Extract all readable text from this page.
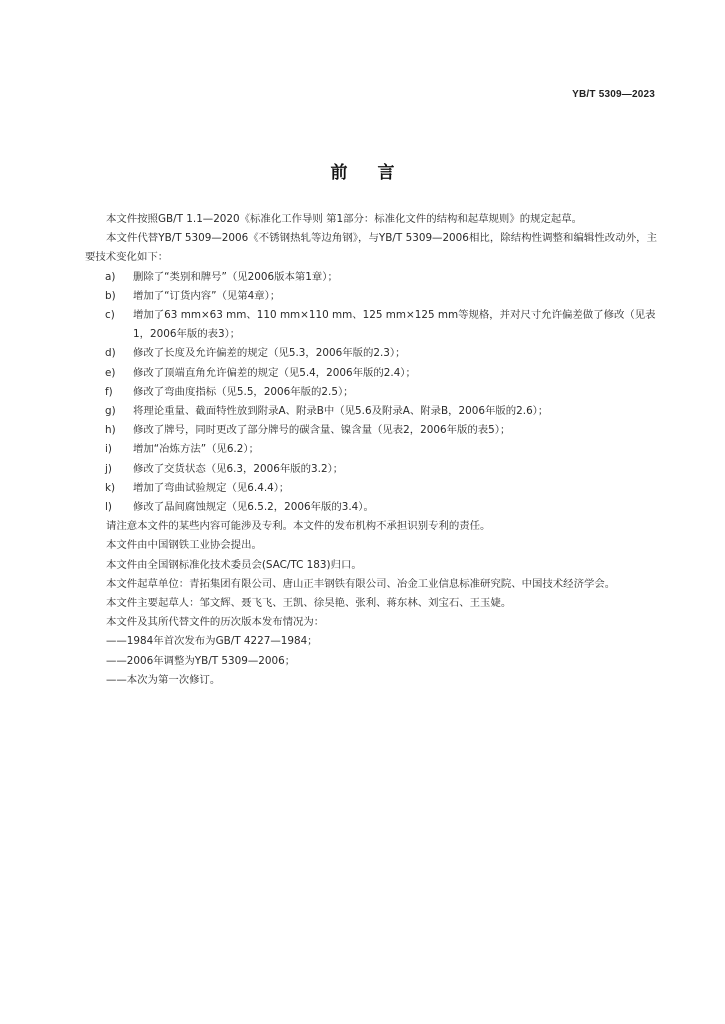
YB/T 5309—2023
前言

本文件按照GB/T 1.1—2020《标准化工作导则 第1部分：标准化文件的结构和起草规则》的规定起草。

本文件代替YB/T 5309—2006《不锈钢热轧等边角钢》，与YB/T 5309—2006相比，除结构性调整和编辑性改动外，主要技术变化如下：

a)	删除了“类别和牌号”（见2006版本第1章）；
b)	增加了“订货内容”（见第4章）；
c)	增加了63 mm×63 mm、110 mm×110 mm、125 mm×125 mm等规格，并对尺寸允许偏差做了修改（见表1，2006年版的表3）；
d)	修改了长度及允许偏差的规定（见5.3，2006年版的2.3）；
e)	修改了顶端直角允许偏差的规定（见5.4，2006年版的2.4）；
f)	修改了弯曲度指标（见5.5，2006年版的2.5）；
g)	将理论重量、截面特性放到附录A、附录B中（见5.6及附录A、附录B，2006年版的2.6）；
h)	修改了牌号，同时更改了部分牌号的碳含量、镍含量（见表2，2006年版的表5）；
i)	增加“冶炼方法”（见6.2）；
j)	修改了交货状态（见6.3，2006年版的3.2）；
k)	增加了弯曲试验规定（见6.4.4）；
l)	修改了晶间腐蚀规定（见6.5.2，2006年版的3.4）。

请注意本文件的某些内容可能涉及专利。本文件的发布机构不承担识别专利的责任。

本文件由中国钢铁工业协会提出。

本文件由全国钢标准化技术委员会(SAC/TC 183)归口。

本文件起草单位：青拓集团有限公司、唐山正丰钢铁有限公司、冶金工业信息标准研究院、中国技术经济学会。

本文件主要起草人：邹文辉、聂飞飞、王凯、徐昊艳、张利、蒋东林、刘宝石、王玉婕。

本文件及其所代替文件的历次版本发布情况为：

——1984年首次发布为GB/T 4227—1984；

——2006年调整为YB/T 5309—2006；

——本次为第一次修订。
